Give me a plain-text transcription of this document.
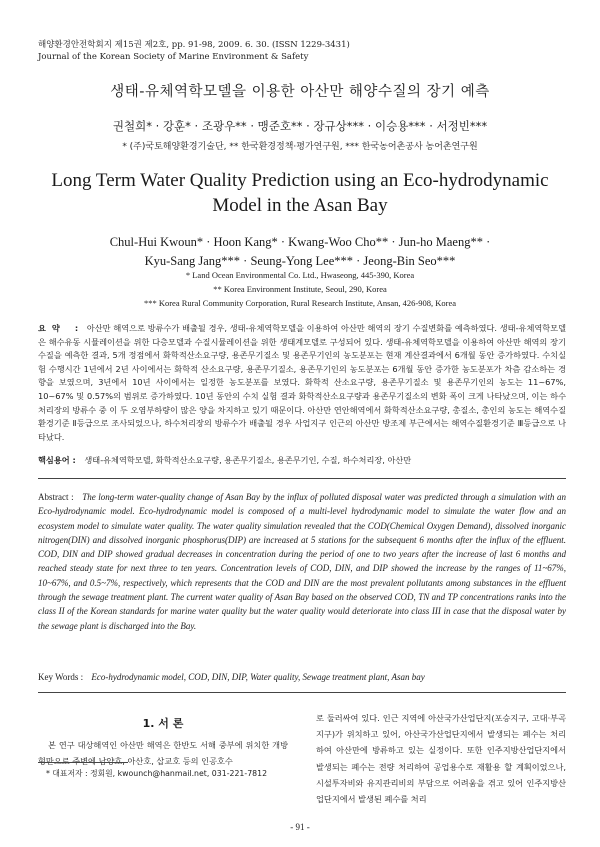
해양환경안전학회지 제15권 제2호, pp. 91-98, 2009. 6. 30. (ISSN 1229-3431)
Journal of the Korean Society of Marine Environment & Safety
생태-유체역학모델을 이용한 아산만 해양수질의 장기 예측
권철희* · 강훈* · 조광우** · 맹준호** · 장규상*** · 이승용*** · 서정빈***
* (주)국토해양환경기술단, ** 한국환경정책·평가연구원, *** 한국농어촌공사 농어촌연구원
Long Term Water Quality Prediction using an Eco-hydrodynamic
Model in the Asan Bay
Chul-Hui Kwoun* · Hoon Kang* · Kwang-Woo Cho** · Jun-ho Maeng** ·
Kyu-Sang Jang*** · Seung-Yong Lee*** · Jeong-Bin Seo***
* Land Ocean Environmental Co. Ltd., Hwaseong, 445-390, Korea
** Korea Environment Institute, Seoul, 290, Korea
*** Korea Rural Community Corporation, Rural Research Institute, Ansan, 426-908, Korea
요약 : 아산만 해역으로 방류수가 배출될 경우, 생태-유체역학모델을 이용하여 아산만 해역의 장기 수질변화를 예측하였다. 생태-유체역학모델은 해수유동 시뮬레이션을 위한 다층모델과 수질시뮬레이션을 위한 생태계모델로 구성되어 있다. 생태-유체역학모델을 이용하여 아산만 해역의 장기 수질을 예측한 결과, 5개 정점에서 화학적산소요구량, 용존무기질소 및 용존무기인의 농도분포는 현재 계산결과에서 6개월 동안 증가하였다. 수치실험 수행시간 1년에서 2년 사이에서는 화학적 산소요구량, 용존무기질소, 용존무기인의 농도분포는 6개월 동안 증가한 농도분포가 차츰 감소하는 경향을 보였으며, 3년에서 10년 사이에서는 일정한 농도분포를 보였다. 화학적 산소요구량, 용존무기질소 및 용존무기인의 농도는 11~67%, 10~67% 및 0.57%의 범위로 증가하였다. 10년 동안의 수치 실험 결과 화학적산소요구량과 용존무기질소의 변화 폭이 크게 나타났으며, 이는 하수처리장의 방류수 중 이 두 오염부하량이 많은 양을 차지하고 있기 때문이다. 아산만 연안해역에서 화학적산소요구량, 총질소, 총인의 농도는 해역수질환경기준 Ⅱ등급으로 조사되었으나, 하수처리장의 방류수가 배출될 경우 사업지구 인근의 아산만 방조제 부근에서는 해역수질환경기준 Ⅲ등급으로 나타났다.
핵심용어 : 생태-유체역학모델, 화학적산소요구량, 용존무기질소, 용존무기인, 수질, 하수처리장, 아산만
Abstract : The long-term water-quality change of Asan Bay by the influx of polluted disposal water was predicted through a simulation with an Eco-hydrodynamic model. Eco-hydrodynamic model is composed of a multi-level hydrodynamic model to simulate the water flow and an ecosystem model to simulate water quality. The water quality simulation revealed that the COD(Chemical Oxygen Demand), dissolved inorganic nitrogen(DIN) and dissolved inorganic phosphorus(DIP) are increased at 5 stations for the subsequent 6 months after the influx of the effluent. COD, DIN and DIP showed gradual decreases in concentration during the period of one to two years after the increase of last 6 months and reached steady state for next three to ten years. Concentration levels of COD, DIN, and DIP showed the increase by the ranges of 11~67%, 10~67%, and 0.5~7%, respectively, which represents that the COD and DIN are the most prevalent pollutants among substances in the effluent through the sewage treatment plant. The current water quality of Asan Bay based on the observed COD, TN and TP concentrations ranks into the class II of the Korean standards for marine water quality but the water quality would deteriorate into class III in case that the disposal water by the sewage plant is discharged into the Bay.
Key Words : Eco-hydrodynamic model, COD, DIN, DIP, Water quality, Sewage treatment plant, Asan bay
1. 서 론
본 연구 대상해역인 아산만 해역은 한반도 서해 중부에 위치한 개방형만으로 주변에 남양호, 아산호, 삽교호 등의 인공호수
로 둘러싸여 있다. 인근 지역에 아산국가산업단지(포승지구, 고대·부곡지구)가 위치하고 있어, 아산국가산업단지에서 발생되는 폐수는 처리하여 아산만에 방류하고 있는 실정이다. 또한 인주지방산업단지에서 발생되는 폐수는 전량 처리하여 공업용수로 재활용 할 계획이었으나, 시설투자비와 유지관리비의 부담으로 어려움을 겪고 있어 인주지방산업단지에서 발생된 폐수를 처리
* 대표저자 : 정회원, kwounch@hanmail.net, 031-221-7812
- 91 -
